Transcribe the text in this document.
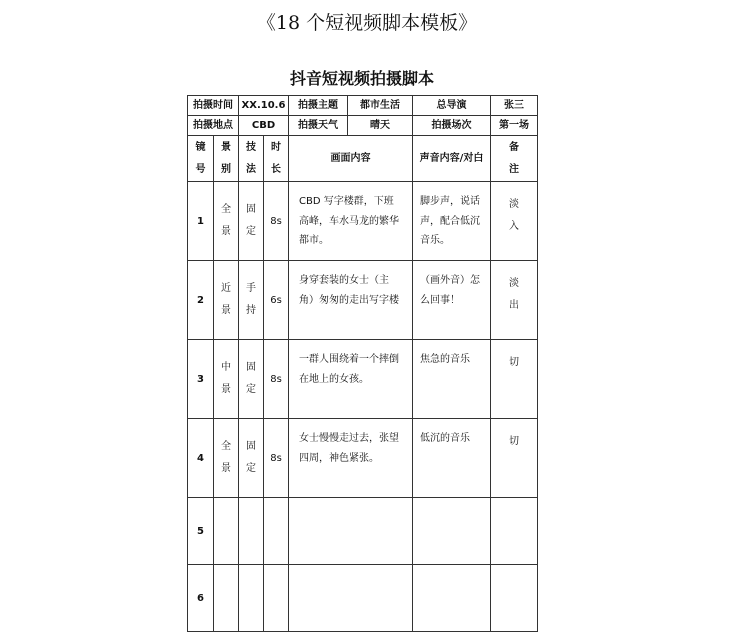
《18 个短视频脚本模板》
抖音短视频拍摄脚本
拍摄时间		XX.10.6		拍摄主题 都市生活	总导演	张三
拍摄地点		CBD		拍摄天气 晴天	拍摄场次	第一场
镜号	景别	技法	时长	画面内容	声音内容/对白	备注
1	全景	固定	8s	CBD 写字楼群，下班高峰，车水马龙的繁华都市。	脚步声，说话声，配合低沉音乐。	淡入
2	近景	手持	6s	身穿套装的女士（主角）匆匆的走出写字楼	（画外音）怎么回事！	淡出
3	中景	固定	8s	一群人围绕着一个摔倒在地上的女孩。	焦急的音乐	切
4	全景	固定	8s	女士慢慢走过去，张望四周，神色紧张。	低沉的音乐	切
5						
6						
